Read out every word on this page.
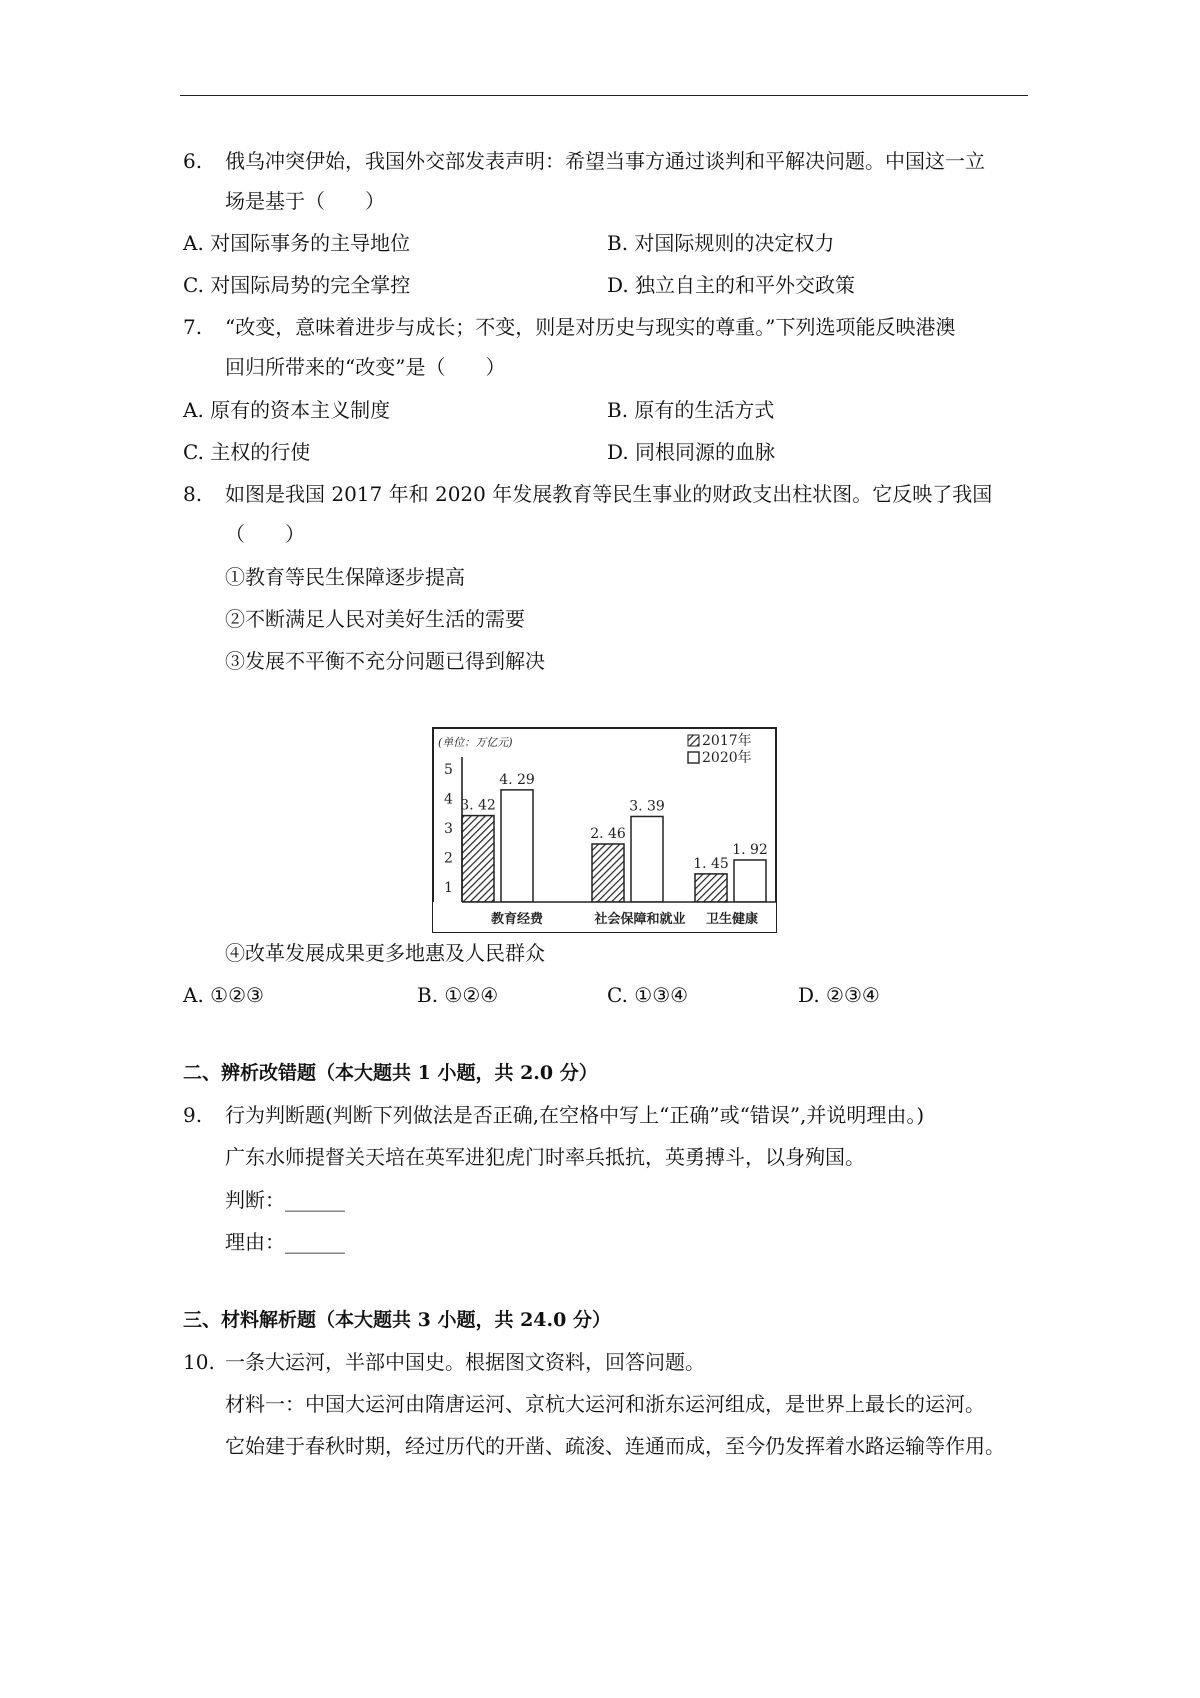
6. 俄乌冲突伊始，我国外交部发表声明：希望当事方通过谈判和平解决问题。中国这一立
场是基于（　　）
A. 对国际事务的主导地位	B. 对国际规则的决定权力
C. 对国际局势的完全掌控	D. 独立自主的和平外交政策
7. “改变，意味着进步与成长；不变，则是对历史与现实的尊重。”下列选项能反映港澳
回归所带来的“改变”是（　　）
A. 原有的资本主义制度	B. 原有的生活方式
C. 主权的行使	D. 同根同源的血脉
8. 如图是我国 2017 年和 2020 年发展教育等民生事业的财政支出柱状图。它反映了我国
（　　）
①教育等民生保障逐步提高
②不断满足人民对美好生活的需要
③发展不平衡不充分问题已得到解决
(单位：万亿元)
1
2
3
4
5
3. 42
4. 29
2. 46
3. 39
1. 45
1. 92
教育经费	社会保障和就业 卫生健康
2017年
2020年
④改革发展成果更多地惠及人民群众
A. ①②③	B. ①②④	C. ①③④	D. ②③④
二、辨析改错题（本大题共 1 小题，共 2.0 分）
9. 行为判断题(判断下列做法是否正确,在空格中写上“正确”或“错误”,并说明理由。)
广东水师提督关天培在英军进犯虎门时率兵抵抗，英勇搏斗，以身殉国。
判断：______
理由：______
三、材料解析题（本大题共 3 小题，共 24.0 分）
10. 一条大运河，半部中国史。根据图文资料，回答问题。
材料一：中国大运河由隋唐运河、京杭大运河和浙东运河组成，是世界上最长的运河。
它始建于春秋时期，经过历代的开凿、疏浚、连通而成，至今仍发挥着水路运输等作用。
